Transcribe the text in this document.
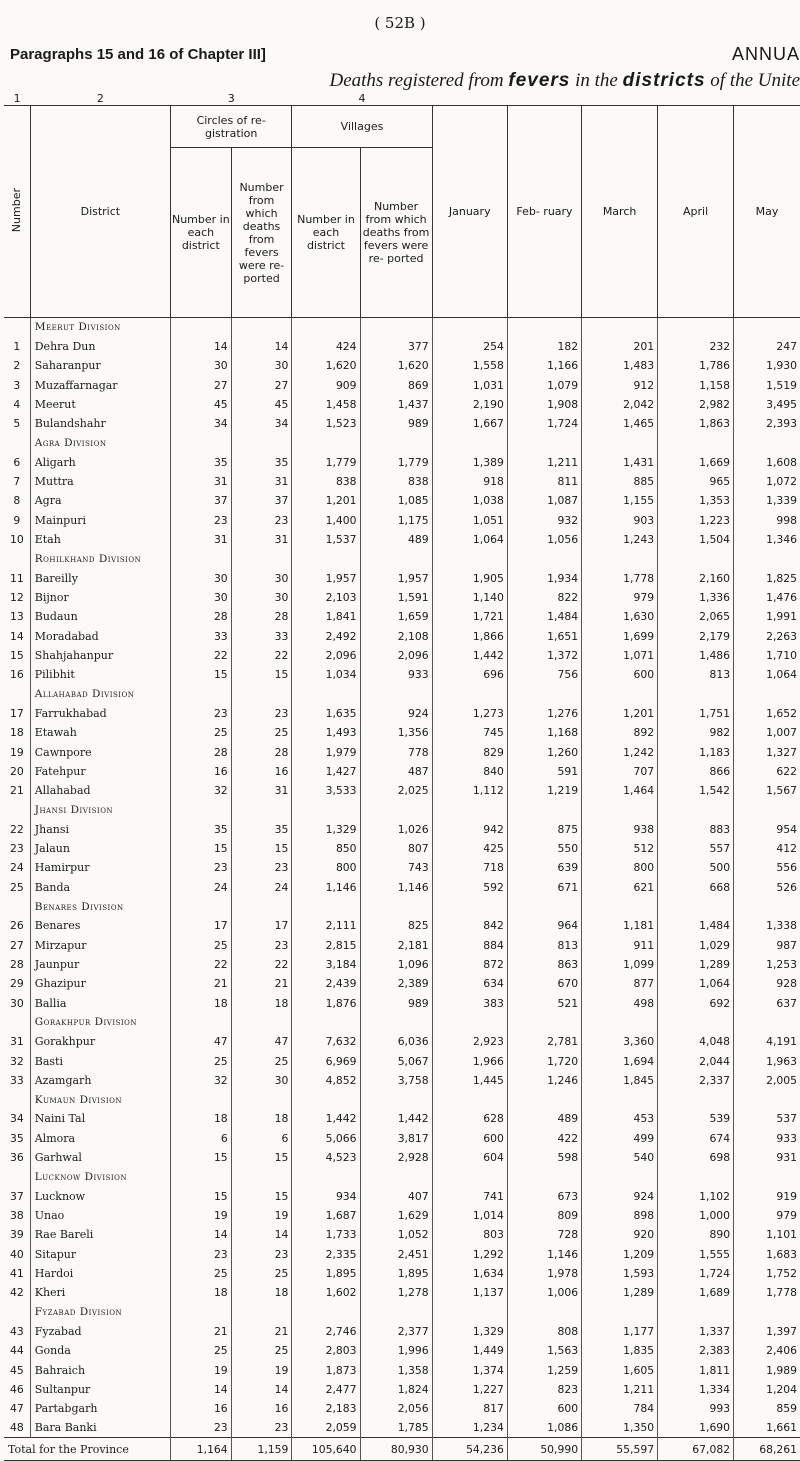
( 52B )
Paragraphs 15 and 16 of Chapter III]	ANNUA
Deaths registered from fevers in the districts of the Unite
1	2	3		4						
Number	District	Circles of re- gistration		Villages		January	Feb- ruary	March	April	May
		Number in each district	Number from which deaths from fevers were re- ported	Number in each district	Number from which deaths from fevers were re- ported					
	Meerut Division									
1	Dehra Dun	14	14	424	377	254	182	201	232	247
2	Saharanpur	30	30	1,620	1,620	1,558	1,166	1,483	1,786	1,930
3	Muzaffarnagar	27	27	909	869	1,031	1,079	912	1,158	1,519
4	Meerut	45	45	1,458	1,437	2,190	1,908	2,042	2,982	3,495
5	Bulandshahr	34	34	1,523	989	1,667	1,724	1,465	1,863	2,393
	Agra Division									
6	Aligarh	35	35	1,779	1,779	1,389	1,211	1,431	1,669	1,608
7	Muttra	31	31	838	838	918	811	885	965	1,072
8	Agra	37	37	1,201	1,085	1,038	1,087	1,155	1,353	1,339
9	Mainpuri	23	23	1,400	1,175	1,051	932	903	1,223	998
10	Etah	31	31	1,537	489	1,064	1,056	1,243	1,504	1,346
	Rohilkhand Division									
11	Bareilly	30	30	1,957	1,957	1,905	1,934	1,778	2,160	1,825
12	Bijnor	30	30	2,103	1,591	1,140	822	979	1,336	1,476
13	Budaun	28	28	1,841	1,659	1,721	1,484	1,630	2,065	1,991
14	Moradabad	33	33	2,492	2,108	1,866	1,651	1,699	2,179	2,263
15	Shahjahanpur	22	22	2,096	2,096	1,442	1,372	1,071	1,486	1,710
16	Pilibhit	15	15	1,034	933	696	756	600	813	1,064
	Allahabad Division									
17	Farrukhabad	23	23	1,635	924	1,273	1,276	1,201	1,751	1,652
18	Etawah	25	25	1,493	1,356	745	1,168	892	982	1,007
19	Cawnpore	28	28	1,979	778	829	1,260	1,242	1,183	1,327
20	Fatehpur	16	16	1,427	487	840	591	707	866	622
21	Allahabad	32	31	3,533	2,025	1,112	1,219	1,464	1,542	1,567
	Jhansi Division									
22	Jhansi	35	35	1,329	1,026	942	875	938	883	954
23	Jalaun	15	15	850	807	425	550	512	557	412
24	Hamirpur	23	23	800	743	718	639	800	500	556
25	Banda	24	24	1,146	1,146	592	671	621	668	526
	Benares Division									
26	Benares	17	17	2,111	825	842	964	1,181	1,484	1,338
27	Mirzapur	25	23	2,815	2,181	884	813	911	1,029	987
28	Jaunpur	22	22	3,184	1,096	872	863	1,099	1,289	1,253
29	Ghazipur	21	21	2,439	2,389	634	670	877	1,064	928
30	Ballia	18	18	1,876	989	383	521	498	692	637
	Gorakhpur Division									
31	Gorakhpur	47	47	7,632	6,036	2,923	2,781	3,360	4,048	4,191
32	Basti	25	25	6,969	5,067	1,966	1,720	1,694	2,044	1,963
33	Azamgarh	32	30	4,852	3,758	1,445	1,246	1,845	2,337	2,005
	Kumaun Division									
34	Naini Tal	18	18	1,442	1,442	628	489	453	539	537
35	Almora	6	6	5,066	3,817	600	422	499	674	933
36	Garhwal	15	15	4,523	2,928	604	598	540	698	931
	Lucknow Division									
37	Lucknow	15	15	934	407	741	673	924	1,102	919
38	Unao	19	19	1,687	1,629	1,014	809	898	1,000	979
39	Rae Bareli	14	14	1,733	1,052	803	728	920	890	1,101
40	Sitapur	23	23	2,335	2,451	1,292	1,146	1,209	1,555	1,683
41	Hardoi	25	25	1,895	1,895	1,634	1,978	1,593	1,724	1,752
42	Kheri	18	18	1,602	1,278	1,137	1,006	1,289	1,689	1,778
	Fyzabad Division									
43	Fyzabad	21	21	2,746	2,377	1,329	808	1,177	1,337	1,397
44	Gonda	25	25	2,803	1,996	1,449	1,563	1,835	2,383	2,406
45	Bahraich	19	19	1,873	1,358	1,374	1,259	1,605	1,811	1,989
46	Sultanpur	14	14	2,477	1,824	1,227	823	1,211	1,334	1,204
47	Partabgarh	16	16	2,183	2,056	817	600	784	993	859
48	Bara Banki	23	23	2,059	1,785	1,234	1,086	1,350	1,690	1,661
Total for the Province		1,164	1,159	105,640	80,930	54,236	50,990	55,597	67,082	68,261
